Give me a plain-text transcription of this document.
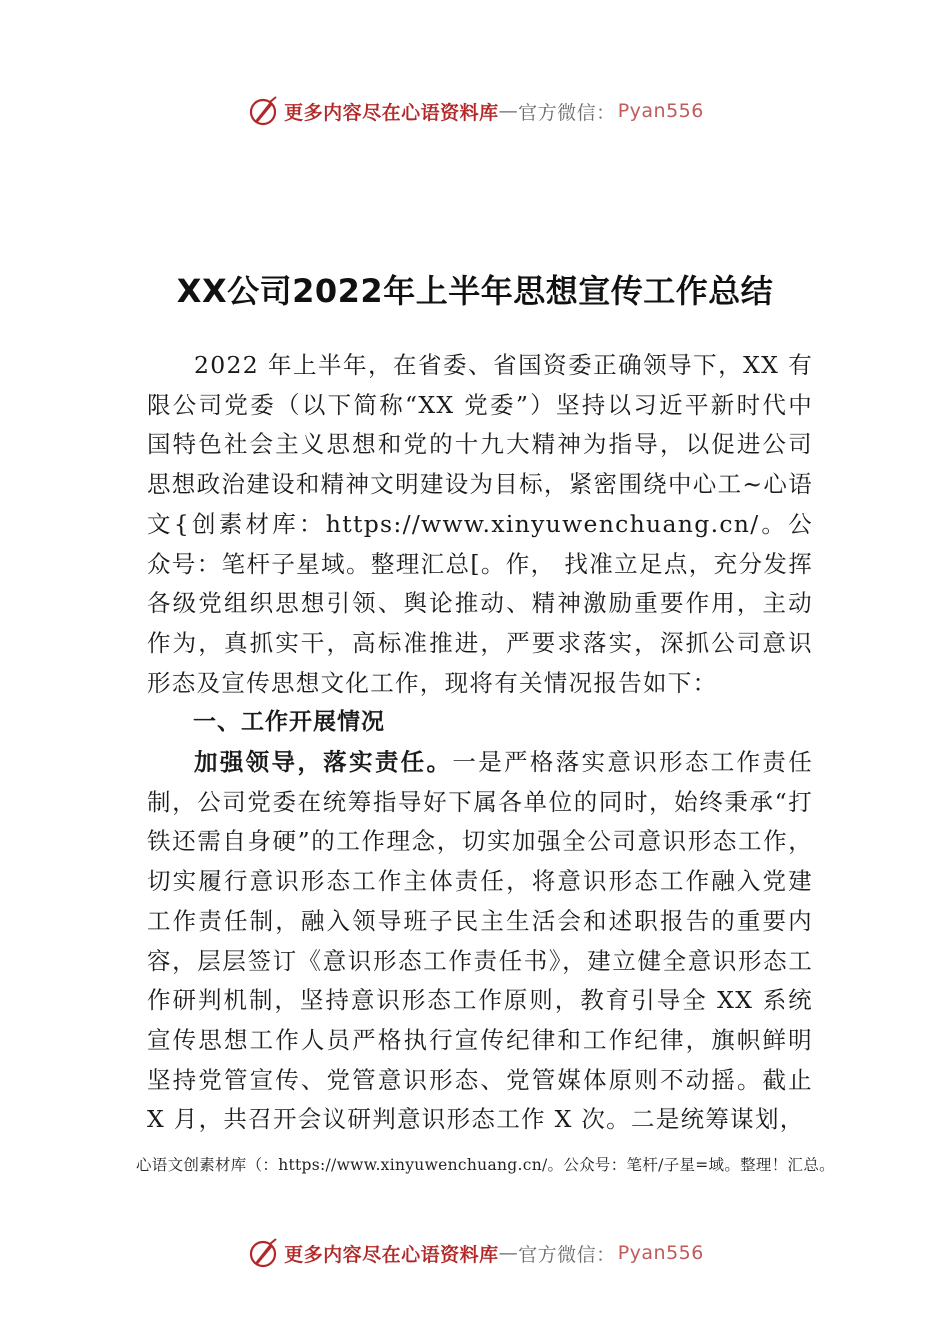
更多内容尽在心语资料库 — 官方微信： Pyan556
XX公司2022年上半年思想宣传工作总结

2022 年上半年，在省委、省国资委正确领导下，XX 有限公司党委（以下简称“XX 党委”）坚持以习近平新时代中国特色社会主义思想和党的十九大精神为指导，以促进公司思想政治建设和精神文明建设为目标，紧密围绕中心工~心语文{创素材库：https://www.xinyuwenchuang.cn/。公众号：笔杆子星域。整理汇总[。作， 找准立足点，充分发挥各级党组织思想引领、舆论推动、精神激励重要作用，主动作为，真抓实干，高标准推进，严要求落实，深抓公司意识形态及宣传思想文化工作，现将有关情况报告如下：

一、工作开展情况

加强领导，落实责任。一是严格落实意识形态工作责任制，公司党委在统筹指导好下属各单位的同时，始终秉承“打铁还需自身硬”的工作理念，切实加强全公司意识形态工作， 切实履行意识形态工作主体责任，将意识形态工作融入党建工作责任制，融入领导班子民主生活会和述职报告的重要内容，层层签订《意识形态工作责任书》，建立健全意识形态工作研判机制，坚持意识形态工作原则，教育引导全 XX 系统宣传思想工作人员严格执行宣传纪律和工作纪律，旗帜鲜明坚持党管宣传、党管意识形态、党管媒体原则不动摇。截止 X 月，共召开会议研判意识形态工作 X 次。二是统筹谋划，

心语文创素材库（：https://www.xinyuwenchuang.cn/。公众号：笔杆/子星=域。整理！汇总。
更多内容尽在心语资料库 — 官方微信： Pyan556
